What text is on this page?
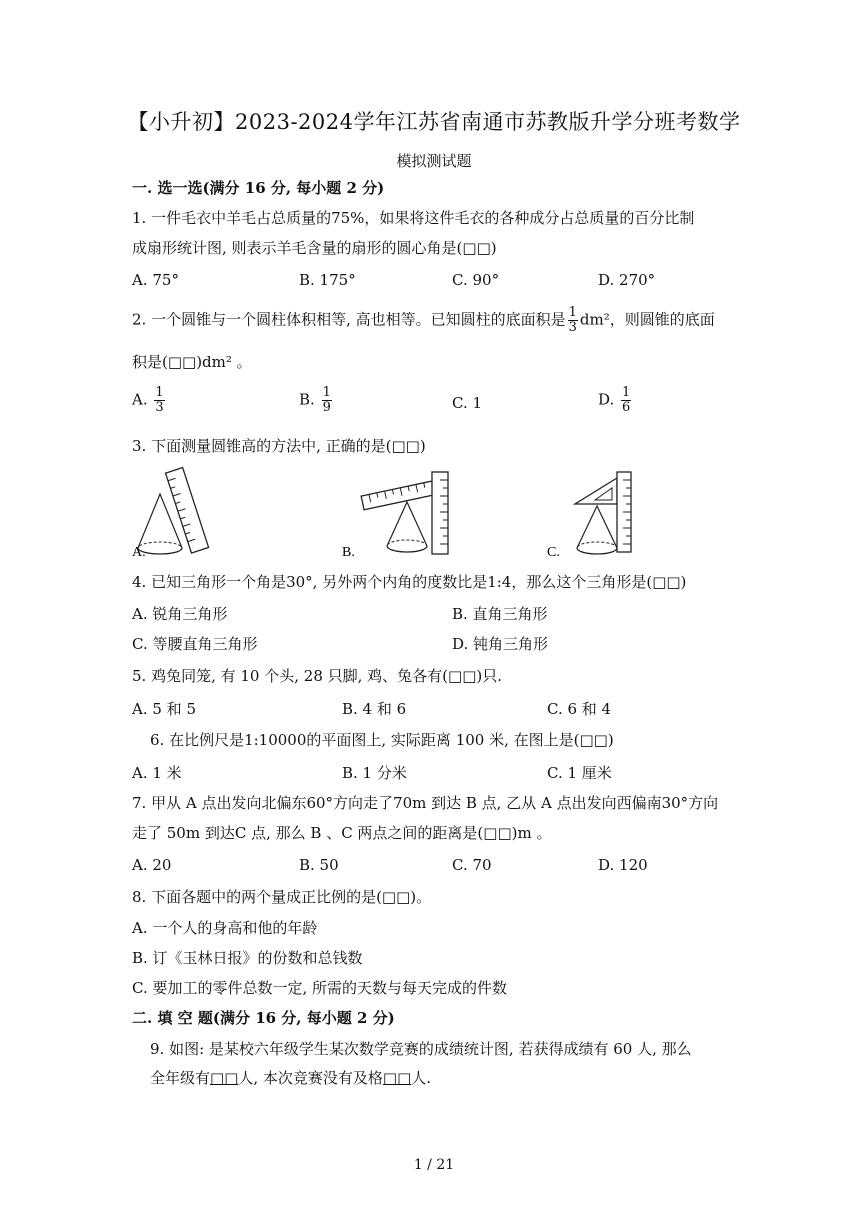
【小升初】2023-2024学年江苏省南通市苏教版升学分班考数学
模拟测试题
一. 选一选(满分 16 分, 每小题 2 分)
1. 一件毛衣中羊毛占总质量的75%，如果将这件毛衣的各种成分占总质量的百分比制
成扇形统计图, 则表示羊毛含量的扇形的圆心角是(□□)
A. 75°	B. 175°	C. 90°	D. 270°
2. 一个圆锥与一个圆柱体积相等, 高也相等。已知圆柱的底面积是 $\frac{1}{3} dm^2$，则圆锥的底面
积是(□□)dm² 。
A. $\frac{1}{3}$	B. $\frac{1}{9}$	C. 1	D. $\frac{1}{6}$
3. 下面测量圆锥高的方法中, 正确的是(□□)
A.	B.	C.
4. 已知三角形一个角是30°, 另外两个内角的度数比是1:4，那么这个三角形是(□□)
A. 锐角三角形	B. 直角三角形
C. 等腰直角三角形	D. 钝角三角形
5. 鸡兔同笼, 有 10 个头, 28 只脚, 鸡、兔各有(□□)只.
A. 5 和 5	B. 4 和 6	C. 6 和 4
6. 在比例尺是1:10000的平面图上, 实际距离 100 米, 在图上是(□□)
A. 1 米	B. 1 分米	C. 1 厘米
7. 甲从 A 点出发向北偏东60°方向走了70m 到达 B 点, 乙从 A 点出发向西偏南30°方向
走了 50m 到达C 点, 那么 B 、C 两点之间的距离是(□□)m 。
A. 20	B. 50	C. 70	D. 120
8. 下面各题中的两个量成正比例的是(□□)。
A. 一个人的身高和他的年龄
B. 订《玉林日报》的份数和总钱数
C. 要加工的零件总数一定, 所需的天数与每天完成的件数
二. 填 空 题(满分 16 分, 每小题 2 分)
9. 如图: 是某校六年级学生某次数学竞赛的成绩统计图, 若获得成绩有 60 人, 那么
全年级有□□人, 本次竞赛没有及格□□人.
1 / 21
